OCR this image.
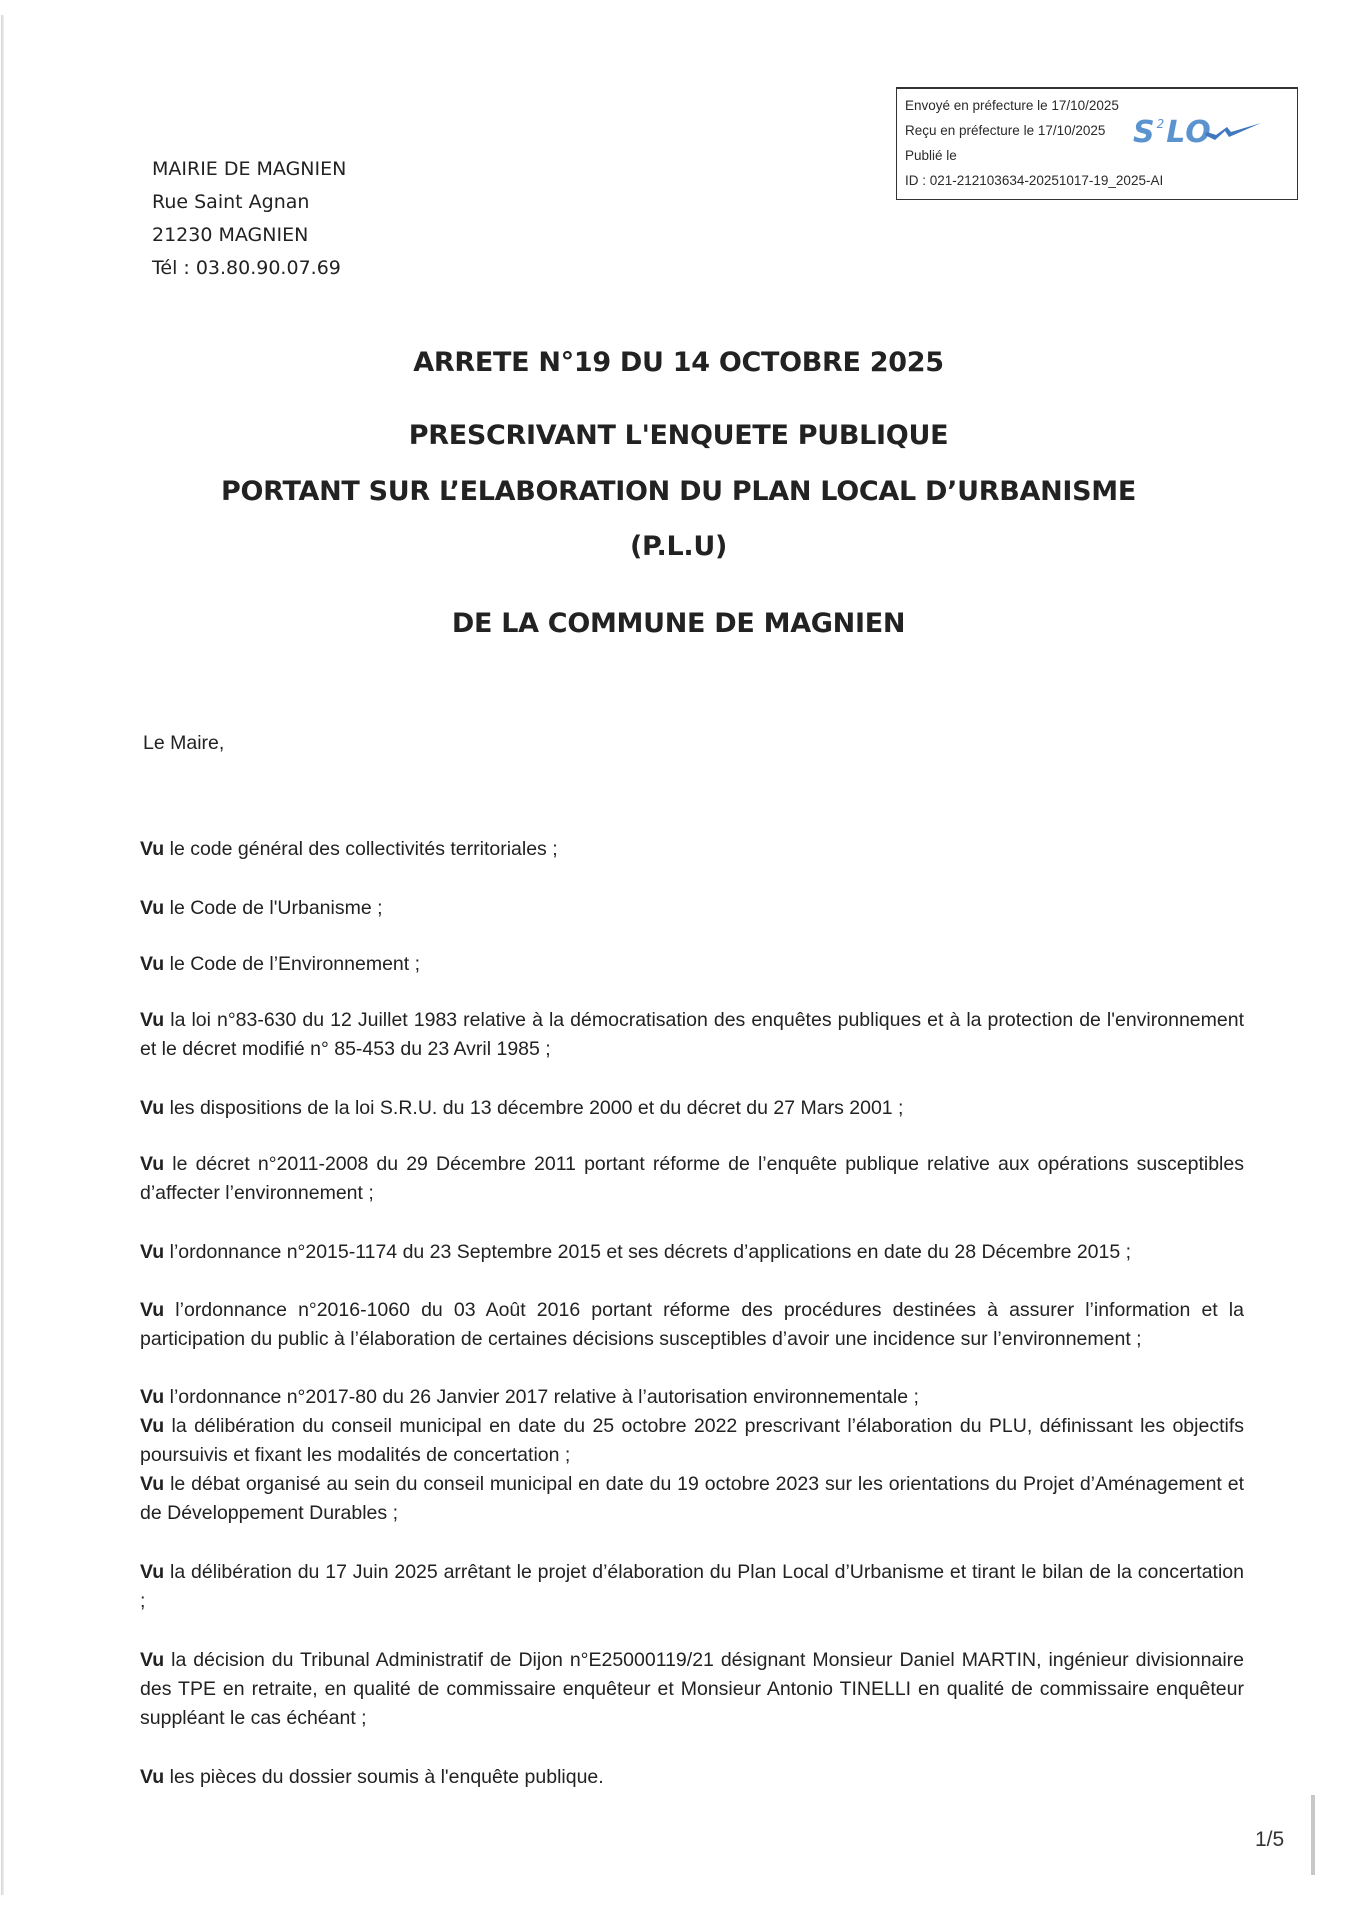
Envoyé en préfecture le 17/10/2025
Reçu en préfecture le 17/10/2025
Publié le
ID : 021-212103634-20251017-19_2025-AI
$S^2LO$
MAIRIE DE MAGNIEN
Rue Saint Agnan
21230 MAGNIEN
Tél : 03.80.90.07.69
ARRETE N°19 DU 14 OCTOBRE 2025
PRESCRIVANT L'ENQUETE PUBLIQUE
PORTANT SUR L’ELABORATION DU PLAN LOCAL D’URBANISME
(P.L.U)
DE LA COMMUNE DE MAGNIEN
Le Maire,
Vu le code général des collectivités territoriales ;
Vu le Code de l'Urbanisme ;
Vu le Code de l’Environnement ;
Vu la loi n°83-630 du 12 Juillet 1983 relative à la démocratisation des enquêtes publiques et à la protection de l'environnement et le décret modifié n° 85-453 du 23 Avril 1985 ;
Vu les dispositions de la loi S.R.U. du 13 décembre 2000 et du décret du 27 Mars 2001 ;
Vu le décret n°2011-2008 du 29 Décembre 2011 portant réforme de l’enquête publique relative aux opérations susceptibles d’affecter l’environnement ;
Vu l’ordonnance n°2015-1174 du 23 Septembre 2015 et ses décrets d’applications en date du 28 Décembre 2015 ;
Vu l’ordonnance n°2016-1060 du 03 Août 2016 portant réforme des procédures destinées à assurer l’information et la participation du public à l’élaboration de certaines décisions susceptibles d’avoir une incidence sur l’environnement ;
Vu l’ordonnance n°2017-80 du 26 Janvier 2017 relative à l’autorisation environnementale ;
Vu la délibération du conseil municipal en date du 25 octobre 2022 prescrivant l’élaboration du PLU, définissant les objectifs poursuivis et fixant les modalités de concertation ;
Vu le débat organisé au sein du conseil municipal en date du 19 octobre 2023 sur les orientations du Projet d’Aménagement et de Développement Durables ;
Vu la délibération du 17 Juin 2025 arrêtant le projet d’élaboration du Plan Local d’Urbanisme et tirant le bilan de la concertation ;
Vu la décision du Tribunal Administratif de Dijon n°E25000119/21 désignant Monsieur Daniel MARTIN, ingénieur divisionnaire des TPE en retraite, en qualité de commissaire enquêteur et Monsieur Antonio TINELLI en qualité de commissaire enquêteur suppléant le cas échéant ;
Vu les pièces du dossier soumis à l'enquête publique.
1/5
